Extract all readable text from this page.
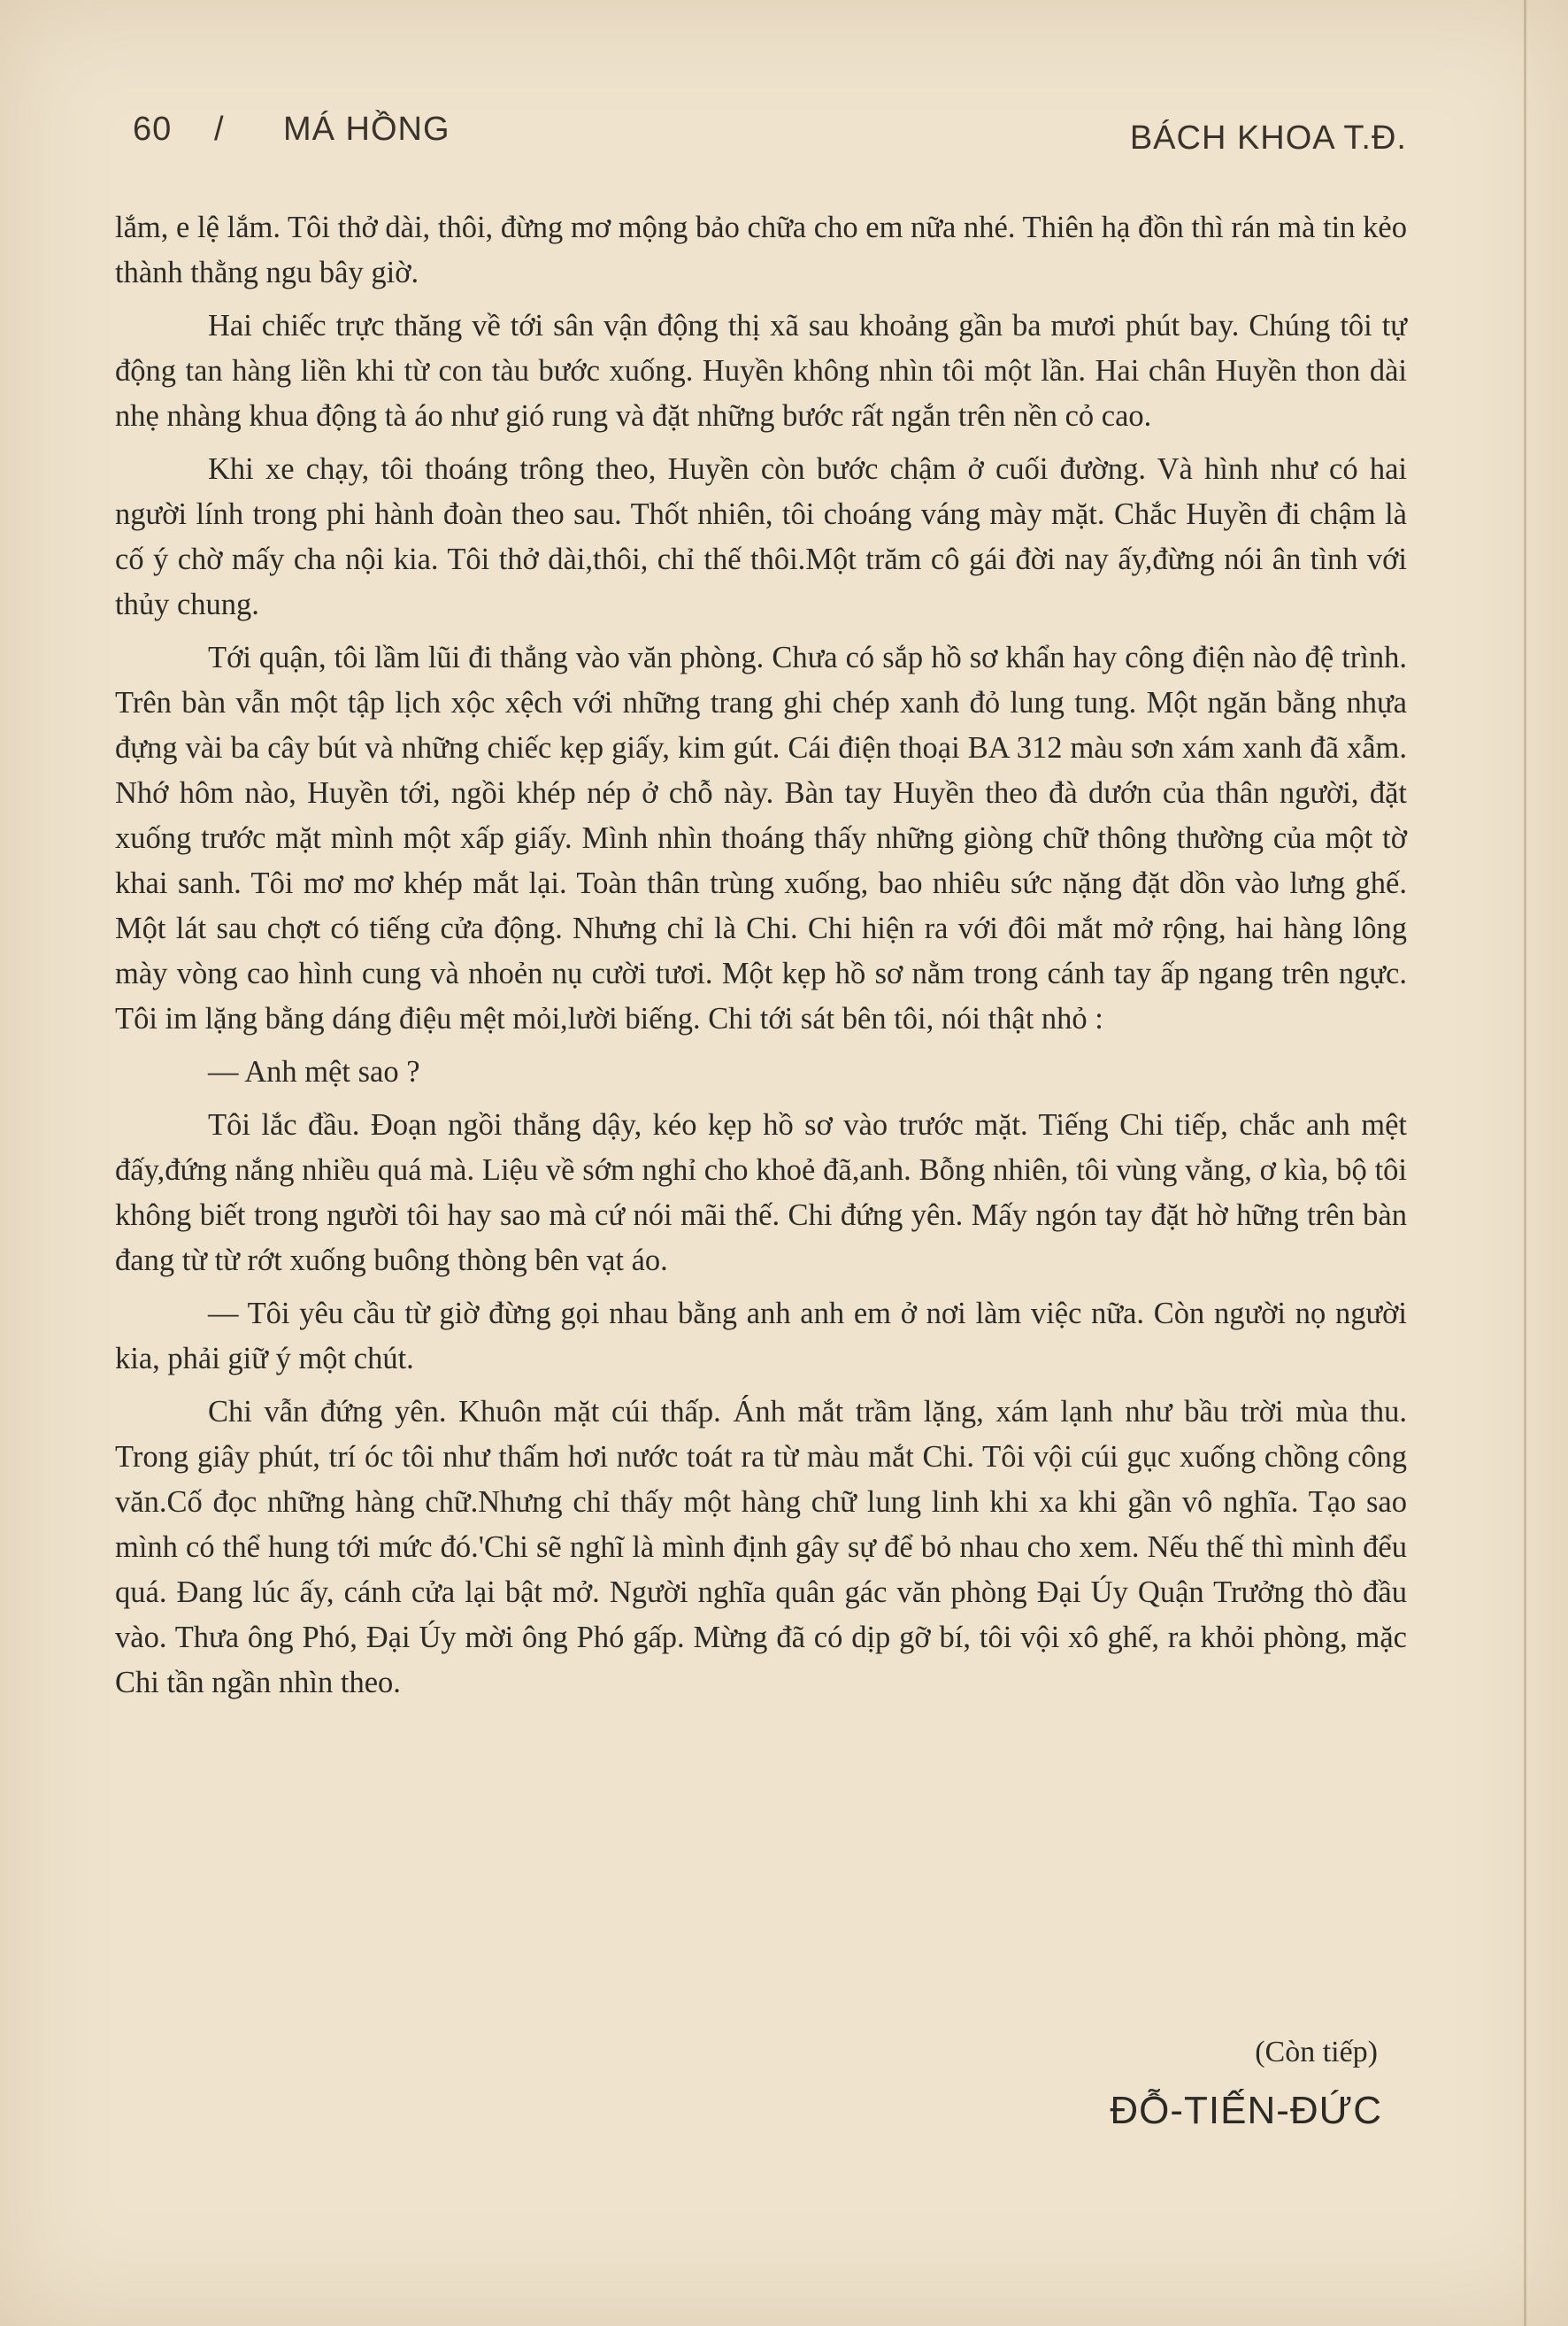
60 / MÁ HỒNG	BÁCH KHOA T.Đ.

lắm, e lệ lắm. Tôi thở dài, thôi, đừng mơ mộng bảo chữa cho em nữa nhé. Thiên hạ đồn thì rán mà tin kẻo thành thằng ngu bây giờ.

Hai chiếc trực thăng về tới sân vận động thị xã sau khoảng gần ba mươi phút bay. Chúng tôi tự động tan hàng liền khi từ con tàu bước xuống. Huyền không nhìn tôi một lần. Hai chân Huyền thon dài nhẹ nhàng khua động tà áo như gió rung và đặt những bước rất ngắn trên nền cỏ cao.

Khi xe chạy, tôi thoáng trông theo, Huyền còn bước chậm ở cuối đường. Và hình như có hai người lính trong phi hành đoàn theo sau. Thốt nhiên, tôi choáng váng mày mặt. Chắc Huyền đi chậm là cố ý chờ mấy cha nội kia. Tôi thở dài,thôi, chỉ thế thôi.Một trăm cô gái đời nay ấy,đừng nói ân tình với thủy chung.

Tới quận, tôi lầm lũi đi thẳng vào văn phòng. Chưa có sắp hồ sơ khẩn hay công điện nào đệ trình. Trên bàn vẫn một tập lịch xộc xệch với những trang ghi chép xanh đỏ lung tung. Một ngăn bằng nhựa đựng vài ba cây bút và những chiếc kẹp giấy, kim gút. Cái điện thoại BA 312 màu sơn xám xanh đã xẫm. Nhớ hôm nào, Huyền tới, ngồi khép nép ở chỗ này. Bàn tay Huyền theo đà dướn của thân người, đặt xuống trước mặt mình một xấp giấy. Mình nhìn thoáng thấy những giòng chữ thông thường của một tờ khai sanh. Tôi mơ mơ khép mắt lại. Toàn thân trùng xuống, bao nhiêu sức nặng đặt dồn vào lưng ghế. Một lát sau chợt có tiếng cửa động. Nhưng chỉ là Chi. Chi hiện ra với đôi mắt mở rộng, hai hàng lông mày vòng cao hình cung và nhoẻn nụ cười tươi. Một kẹp hồ sơ nằm trong cánh tay ấp ngang trên ngực. Tôi im lặng bằng dáng điệu mệt mỏi,lười biếng. Chi tới sát bên tôi, nói thật nhỏ :

— Anh mệt sao ?

Tôi lắc đầu. Đoạn ngồi thẳng dậy, kéo kẹp hồ sơ vào trước mặt. Tiếng Chi tiếp, chắc anh mệt đấy,đứng nắng nhiều quá mà. Liệu về sớm nghỉ cho khoẻ đã,anh. Bỗng nhiên, tôi vùng vằng, ơ kìa, bộ tôi không biết trong người tôi hay sao mà cứ nói mãi thế. Chi đứng yên. Mấy ngón tay đặt hờ hững trên bàn đang từ từ rớt xuống buông thòng bên vạt áo.

— Tôi yêu cầu từ giờ đừng gọi nhau bằng anh anh em ở nơi làm việc nữa. Còn người nọ người kia, phải giữ ý một chút.

Chi vẫn đứng yên. Khuôn mặt cúi thấp. Ánh mắt trầm lặng, xám lạnh như bầu trời mùa thu. Trong giây phút, trí óc tôi như thấm hơi nước toát ra từ màu mắt Chi. Tôi vội cúi gục xuống chồng công văn.Cố đọc những hàng chữ.Nhưng chỉ thấy một hàng chữ lung linh khi xa khi gần vô nghĩa. Tạo sao mình có thể hung tới mức đó.'Chi sẽ nghĩ là mình định gây sự để bỏ nhau cho xem. Nếu thế thì mình đểu quá. Đang lúc ấy, cánh cửa lại bật mở. Người nghĩa quân gác văn phòng Đại Úy Quận Trưởng thò đầu vào. Thưa ông Phó, Đại Úy mời ông Phó gấp. Mừng đã có dịp gỡ bí, tôi vội xô ghế, ra khỏi phòng, mặc Chi tần ngần nhìn theo.

(Còn tiếp)
ĐỖ-TIẾN-ĐỨC
